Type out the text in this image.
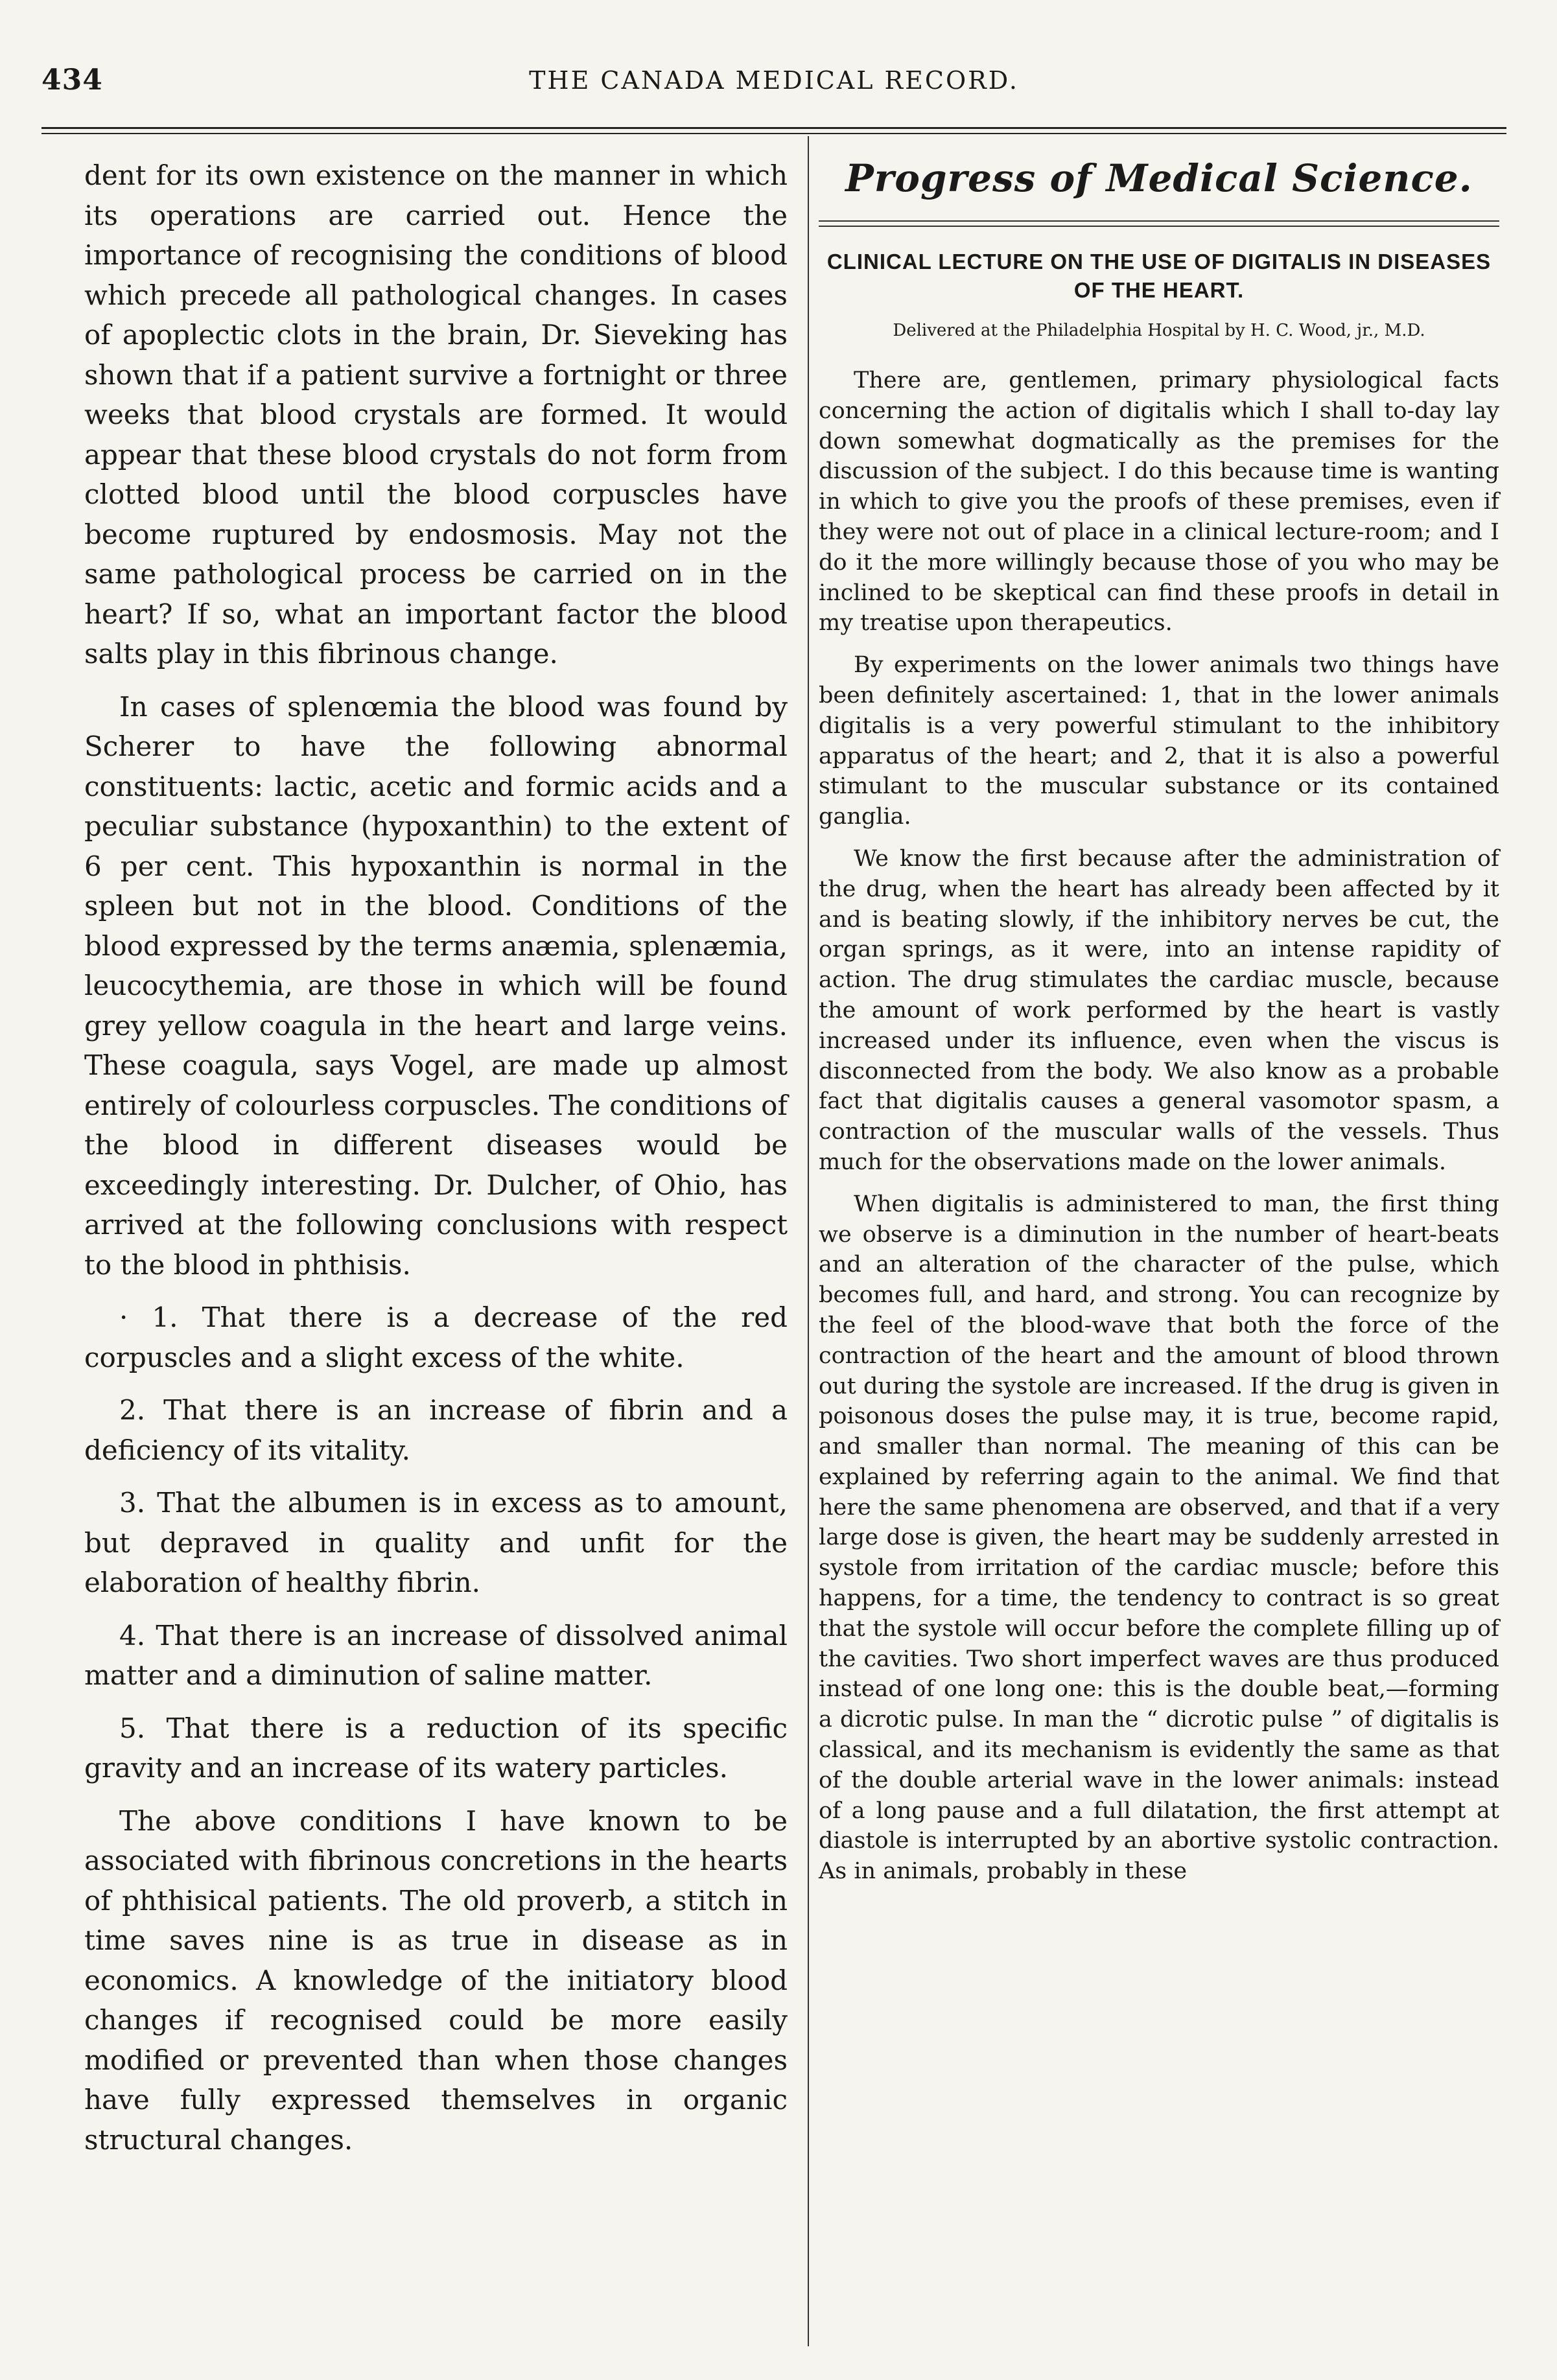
434	THE CANADA MEDICAL RECORD.

dent for its own existence on the manner in which its operations are carried out. Hence the importance of recognising the conditions of blood which precede all pathological changes. In cases of apoplectic clots in the brain, Dr. Sieveking has shown that if a patient survive a fortnight or three weeks that blood crystals are formed. It would appear that these blood crystals do not form from clotted blood until the blood corpuscles have become ruptured by endosmosis. May not the same pathological process be carried on in the heart? If so, what an important factor the blood salts play in this fibrinous change.

In cases of splenœmia the blood was found by Scherer to have the following abnormal constituents: lactic, acetic and formic acids and a peculiar substance (hypoxanthin) to the extent of 6 per cent. This hypoxanthin is normal in the spleen but not in the blood. Conditions of the blood expressed by the terms anæmia, splenæmia, leucocythemia, are those in which will be found grey yellow coagula in the heart and large veins. These coagula, says Vogel, are made up almost entirely of colourless corpuscles. The conditions of the blood in different diseases would be exceedingly interesting. Dr. Dulcher, of Ohio, has arrived at the following conclusions with respect to the blood in phthisis.

· 1. That there is a decrease of the red corpuscles and a slight excess of the white.

2. That there is an increase of fibrin and a deficiency of its vitality.

3. That the albumen is in excess as to amount, but depraved in quality and unfit for the elaboration of healthy fibrin.

4. That there is an increase of dissolved animal matter and a diminution of saline matter.

5. That there is a reduction of its specific gravity and an increase of its watery particles.

The above conditions I have known to be associated with fibrinous concretions in the hearts of phthisical patients. The old proverb, a stitch in time saves nine is as true in disease as in economics. A knowledge of the initiatory blood changes if recognised could be more easily modified or prevented than when those changes have fully expressed themselves in organic structural changes.

Progress of Medical Science.
CLINICAL LECTURE ON THE USE OF DIGITALIS IN DISEASES OF THE HEART.
Delivered at the Philadelphia Hospital by H. C. Wood, jr., M.D.

There are, gentlemen, primary physiological facts concerning the action of digitalis which I shall to-day lay down somewhat dogmatically as the premises for the discussion of the subject. I do this because time is wanting in which to give you the proofs of these premises, even if they were not out of place in a clinical lecture-room; and I do it the more willingly because those of you who may be inclined to be skeptical can find these proofs in detail in my treatise upon therapeutics.

By experiments on the lower animals two things have been definitely ascertained: 1, that in the lower animals digitalis is a very powerful stimulant to the inhibitory apparatus of the heart; and 2, that it is also a powerful stimulant to the muscular substance or its contained ganglia.

We know the first because after the administration of the drug, when the heart has already been affected by it and is beating slowly, if the inhibitory nerves be cut, the organ springs, as it were, into an intense rapidity of action. The drug stimulates the cardiac muscle, because the amount of work performed by the heart is vastly increased under its influence, even when the viscus is disconnected from the body. We also know as a probable fact that digitalis causes a general vasomotor spasm, a contraction of the muscular walls of the vessels. Thus much for the observations made on the lower animals.

When digitalis is administered to man, the first thing we observe is a diminution in the number of heart-beats and an alteration of the character of the pulse, which becomes full, and hard, and strong. You can recognize by the feel of the blood-wave that both the force of the contraction of the heart and the amount of blood thrown out during the systole are increased. If the drug is given in poisonous doses the pulse may, it is true, become rapid, and smaller than normal. The meaning of this can be explained by referring again to the animal. We find that here the same phenomena are observed, and that if a very large dose is given, the heart may be suddenly arrested in systole from irritation of the cardiac muscle; before this happens, for a time, the tendency to contract is so great that the systole will occur before the complete filling up of the cavities. Two short imperfect waves are thus produced instead of one long one: this is the double beat,—forming a dicrotic pulse. In man the “ dicrotic pulse ” of digitalis is classical, and its mechanism is evidently the same as that of the double arterial wave in the lower animals: instead of a long pause and a full dilatation, the first attempt at diastole is interrupted by an abortive systolic contraction. As in animals, probably in these
